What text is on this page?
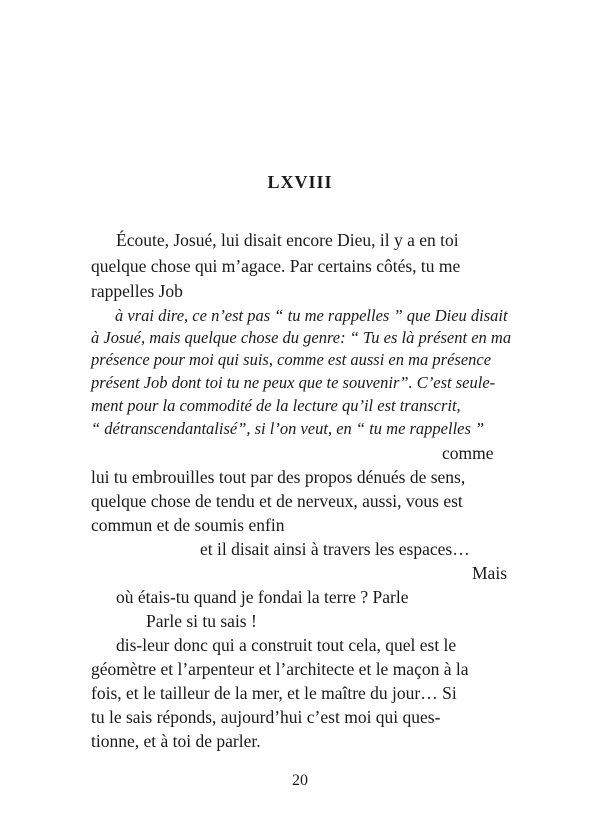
LXVIII
Écoute, Josué, lui disait encore Dieu, il y a en toi
quelque chose qui m’agace. Par certains côtés, tu me
rappelles Job
à vrai dire, ce n’est pas “ tu me rappelles ” que Dieu disait
à Josué, mais quelque chose du genre: “ Tu es là présent en ma
présence pour moi qui suis, comme est aussi en ma présence
présent Job dont toi tu ne peux que te souvenir”. C’est seule-
ment pour la commodité de la lecture qu’il est transcrit,
“ détranscendantalisé”, si l’on veut, en “ tu me rappelles ”
comme
lui tu embrouilles tout par des propos dénués de sens,
quelque chose de tendu et de nerveux, aussi, vous est
commun et de soumis enfin
et il disait ainsi à travers les espaces…
Mais
où étais-tu quand je fondai la terre ? Parle
Parle si tu sais !
dis-leur donc qui a construit tout cela, quel est le
géomètre et l’arpenteur et l’architecte et le maçon à la
fois, et le tailleur de la mer, et le maître du jour… Si
20
tu le sais réponds, aujourd’hui c’est moi qui ques-
tionne, et à toi de parler.
